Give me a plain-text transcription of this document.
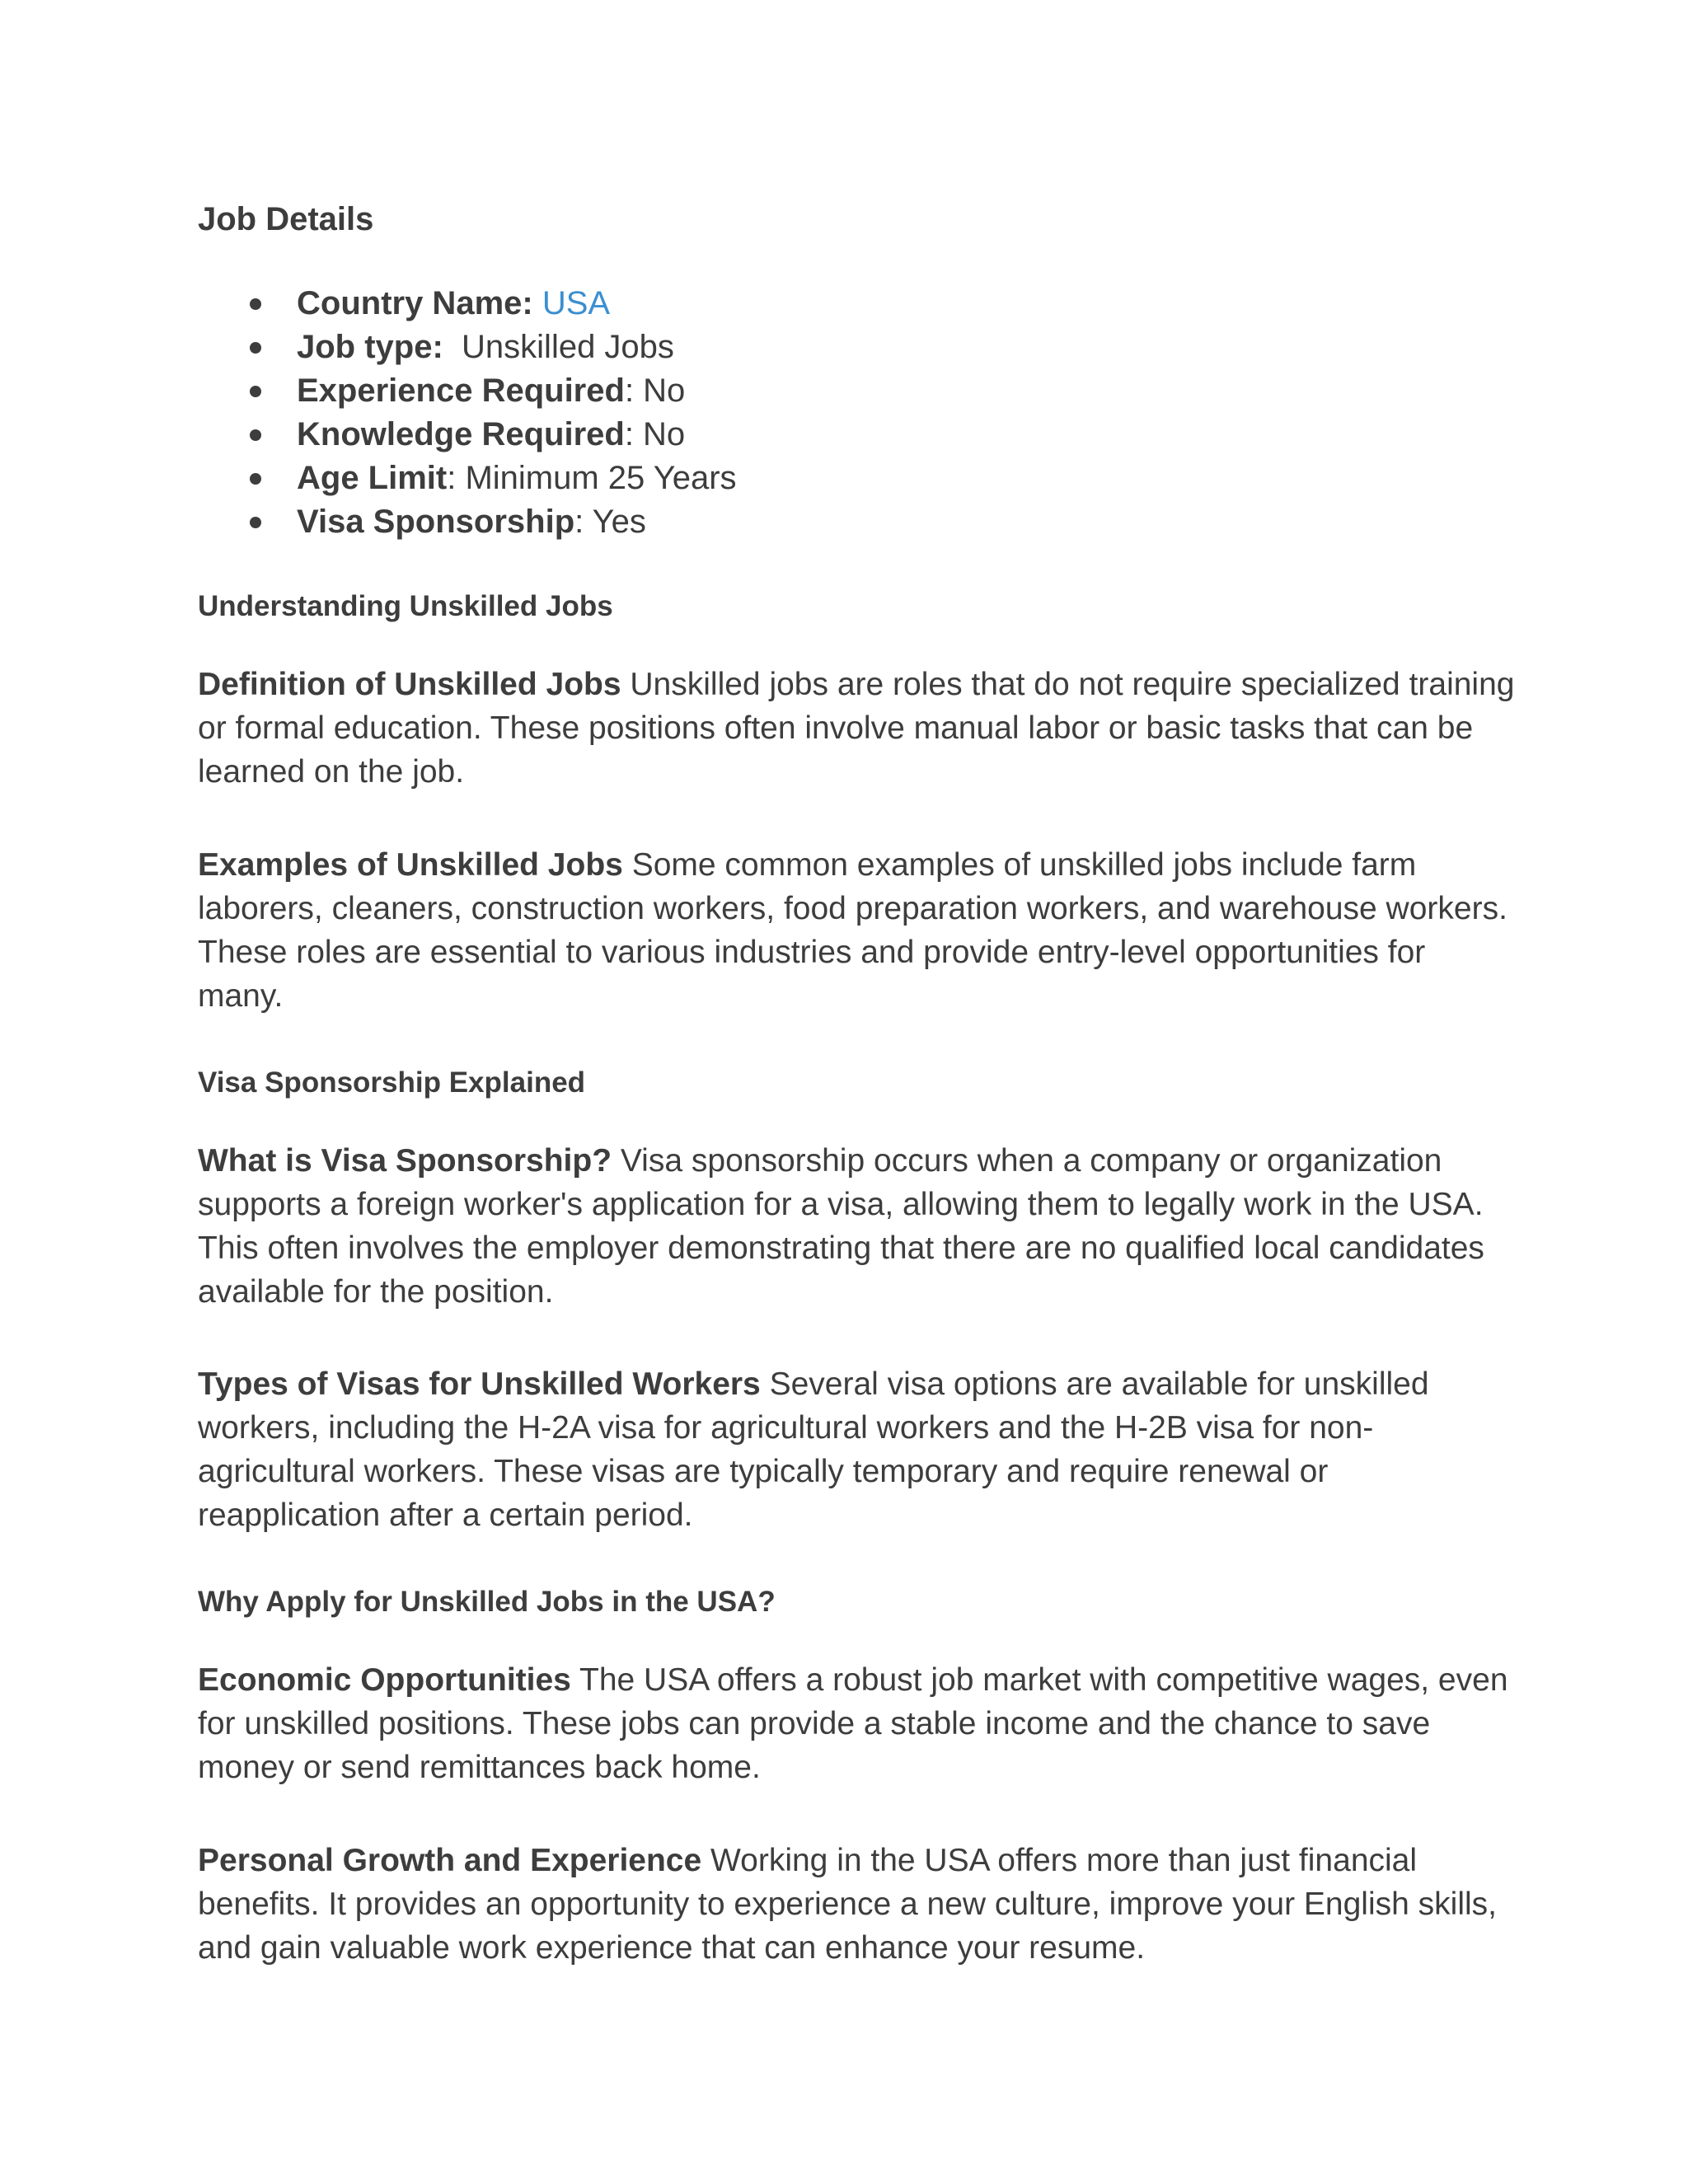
Job Details
Country Name: USA
Job type: Unskilled Jobs
Experience Required: No
Knowledge Required: No
Age Limit: Minimum 25 Years
Visa Sponsorship: Yes
Understanding Unskilled Jobs

Definition of Unskilled Jobs Unskilled jobs are roles that do not require specialized training or formal education. These positions often involve manual labor or basic tasks that can be learned on the job.

Examples of Unskilled Jobs Some common examples of unskilled jobs include farm laborers, cleaners, construction workers, food preparation workers, and warehouse workers. These roles are essential to various industries and provide entry-level opportunities for many.

Visa Sponsorship Explained

What is Visa Sponsorship? Visa sponsorship occurs when a company or organization supports a foreign worker's application for a visa, allowing them to legally work in the USA. This often involves the employer demonstrating that there are no qualified local candidates available for the position.

Types of Visas for Unskilled Workers Several visa options are available for unskilled workers, including the H-2A visa for agricultural workers and the H-2B visa for non-agricultural workers. These visas are typically temporary and require renewal or reapplication after a certain period.

Why Apply for Unskilled Jobs in the USA?

Economic Opportunities The USA offers a robust job market with competitive wages, even for unskilled positions. These jobs can provide a stable income and the chance to save money or send remittances back home.

Personal Growth and Experience Working in the USA offers more than just financial benefits. It provides an opportunity to experience a new culture, improve your English skills, and gain valuable work experience that can enhance your resume.
